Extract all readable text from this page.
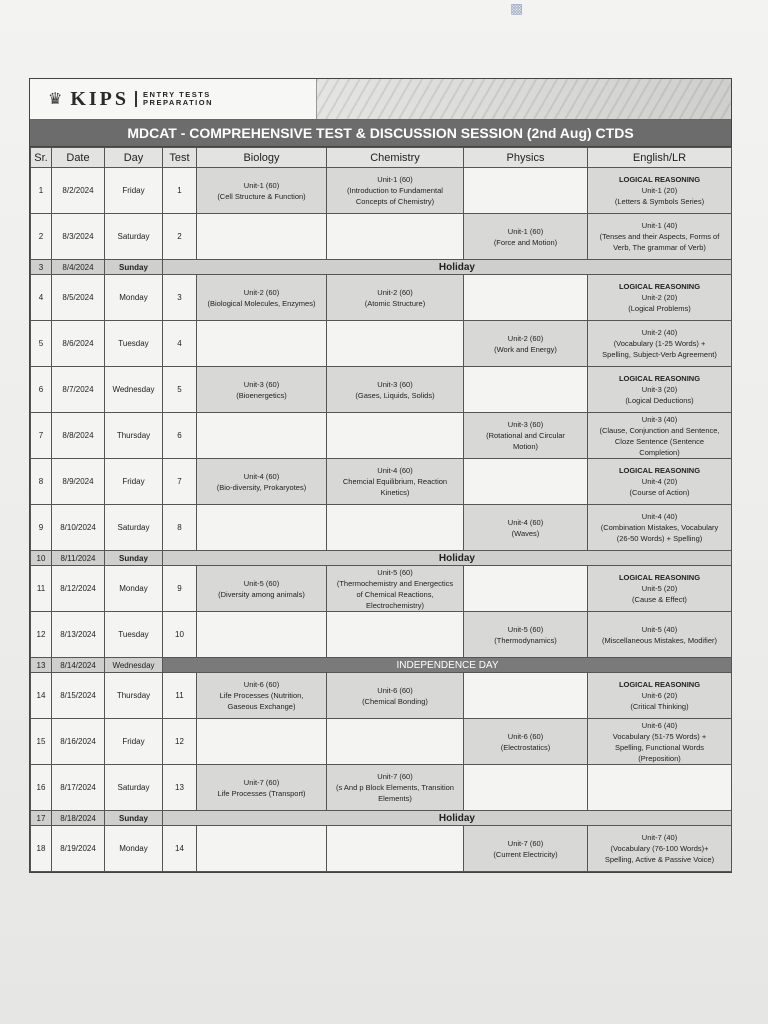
♛ KIPS	ENTRY TESTS
PREPARATION
MDCAT - COMPREHENSIVE TEST & DISCUSSION SESSION (2nd Aug) CTDS
Sr.	Date	Day	Test	Biology	Chemistry	Physics	English/LR
1	8/2/2024	Friday	1	Unit-1 (60)
(Cell Structure & Function)	Unit-1 (60)
(Introduction to Fundamental
Concepts of Chemistry)		LOGICAL REASONING
Unit-1 (20)
(Letters & Symbols Series)
2	8/3/2024	Saturday	2			Unit-1 (60)
(Force and Motion)	Unit-1 (40)
(Tenses and their Aspects, Forms of
Verb, The grammar of Verb)
3	8/4/2024	Sunday	Holiday				
4	8/5/2024	Monday	3	Unit-2 (60)
(Biological Molecules, Enzymes)	Unit-2 (60)
(Atomic Structure)		LOGICAL REASONING
Unit-2 (20)
(Logical Problems)
5	8/6/2024	Tuesday	4			Unit-2 (60)
(Work and Energy)	Unit-2 (40)
(Vocabulary (1-25 Words) +
Spelling, Subject-Verb Agreement)
6	8/7/2024	Wednesday	5	Unit-3 (60)
(Bioenergetics)	Unit-3 (60)
(Gases, Liquids, Solids)		LOGICAL REASONING
Unit-3 (20)
(Logical Deductions)
7	8/8/2024	Thursday	6			Unit-3 (60)
(Rotational and Circular
Motion)	Unit-3 (40)
(Clause, Conjunction and Sentence,
Cloze Sentence (Sentence
Completion)
8	8/9/2024	Friday	7	Unit-4 (60)
(Bio-diversity, Prokaryotes)	Unit-4 (60)
Chemcial Equilibrium, Reaction
Kinetics)		LOGICAL REASONING
Unit-4 (20)
(Course of Action)
9	8/10/2024	Saturday	8			Unit-4 (60)
(Waves)	Unit-4 (40)
(Combination Mistakes, Vocabulary
(26-50 Words) + Spelling)
10	8/11/2024	Sunday	Holiday				
11	8/12/2024	Monday	9	Unit-5 (60)
(Diversity among animals)	Unit-5 (60)
(Thermochemistry and Energectics
of Chemical Reactions,
Electrochemistry)		LOGICAL REASONING
Unit-5 (20)
(Cause & Effect)
12	8/13/2024	Tuesday	10			Unit-5 (60)
(Thermodynamics)	Unit-5 (40)
(Miscellaneous Mistakes, Modifier)
13	8/14/2024	Wednesday	INDEPENDENCE DAY				
14	8/15/2024	Thursday	11	Unit-6 (60)
Life Processes (Nutrition,
Gaseous Exchange)	Unit-6 (60)
(Chemical Bonding)		LOGICAL REASONING
Unit-6 (20)
(Critical Thinking)
15	8/16/2024	Friday	12			Unit-6 (60)
(Electrostatics)	Unit-6 (40)
Vocabulary (51-75 Words) +
Spelling, Functional Words
(Preposition)
16	8/17/2024	Saturday	13	Unit-7 (60)
Life Processes (Transport)	Unit-7 (60)
(s And p Block Elements, Transition
Elements)		
17	8/18/2024	Sunday	Holiday				
18	8/19/2024	Monday	14			Unit-7 (60)
(Current Electricity)	Unit-7 (40)
(Vocabulary (76-100 Words)+
Spelling, Active & Passive Voice)
▩
